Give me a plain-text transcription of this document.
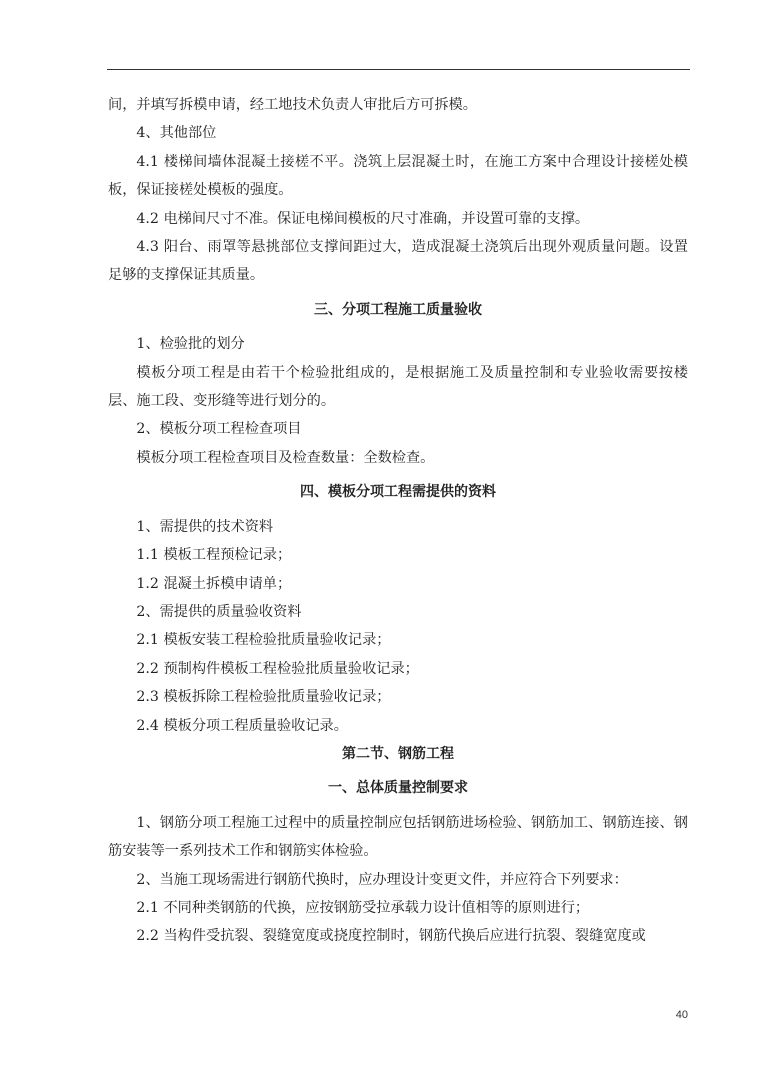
间，并填写拆模申请，经工地技术负责人审批后方可拆模。

4、其他部位

4.1 楼梯间墙体混凝土接槎不平。浇筑上层混凝土时，在施工方案中合理设计接槎处模板，保证接槎处模板的强度。

4.2 电梯间尺寸不准。保证电梯间模板的尺寸准确，并设置可靠的支撑。

4.3 阳台、雨罩等悬挑部位支撑间距过大，造成混凝土浇筑后出现外观质量问题。设置足够的支撑保证其质量。

三、分项工程施工质量验收

1、检验批的划分

模板分项工程是由若干个检验批组成的，是根据施工及质量控制和专业验收需要按楼层、施工段、变形缝等进行划分的。

2、模板分项工程检查项目

模板分项工程检查项目及检查数量：全数检查。

四、模板分项工程需提供的资料

1、需提供的技术资料

1.1 模板工程预检记录；

1.2 混凝土拆模申请单；

2、需提供的质量验收资料

2.1 模板安装工程检验批质量验收记录；

2.2 预制构件模板工程检验批质量验收记录；

2.3 模板拆除工程检验批质量验收记录；

2.4 模板分项工程质量验收记录。

第二节、钢筋工程

一、总体质量控制要求

1、钢筋分项工程施工过程中的质量控制应包括钢筋进场检验、钢筋加工、钢筋连接、钢筋安装等一系列技术工作和钢筋实体检验。

2、当施工现场需进行钢筋代换时，应办理设计变更文件，并应符合下列要求：

2.1 不同种类钢筋的代换，应按钢筋受拉承载力设计值相等的原则进行；

2.2 当构件受抗裂、裂缝宽度或挠度控制时，钢筋代换后应进行抗裂、裂缝宽度或

40
